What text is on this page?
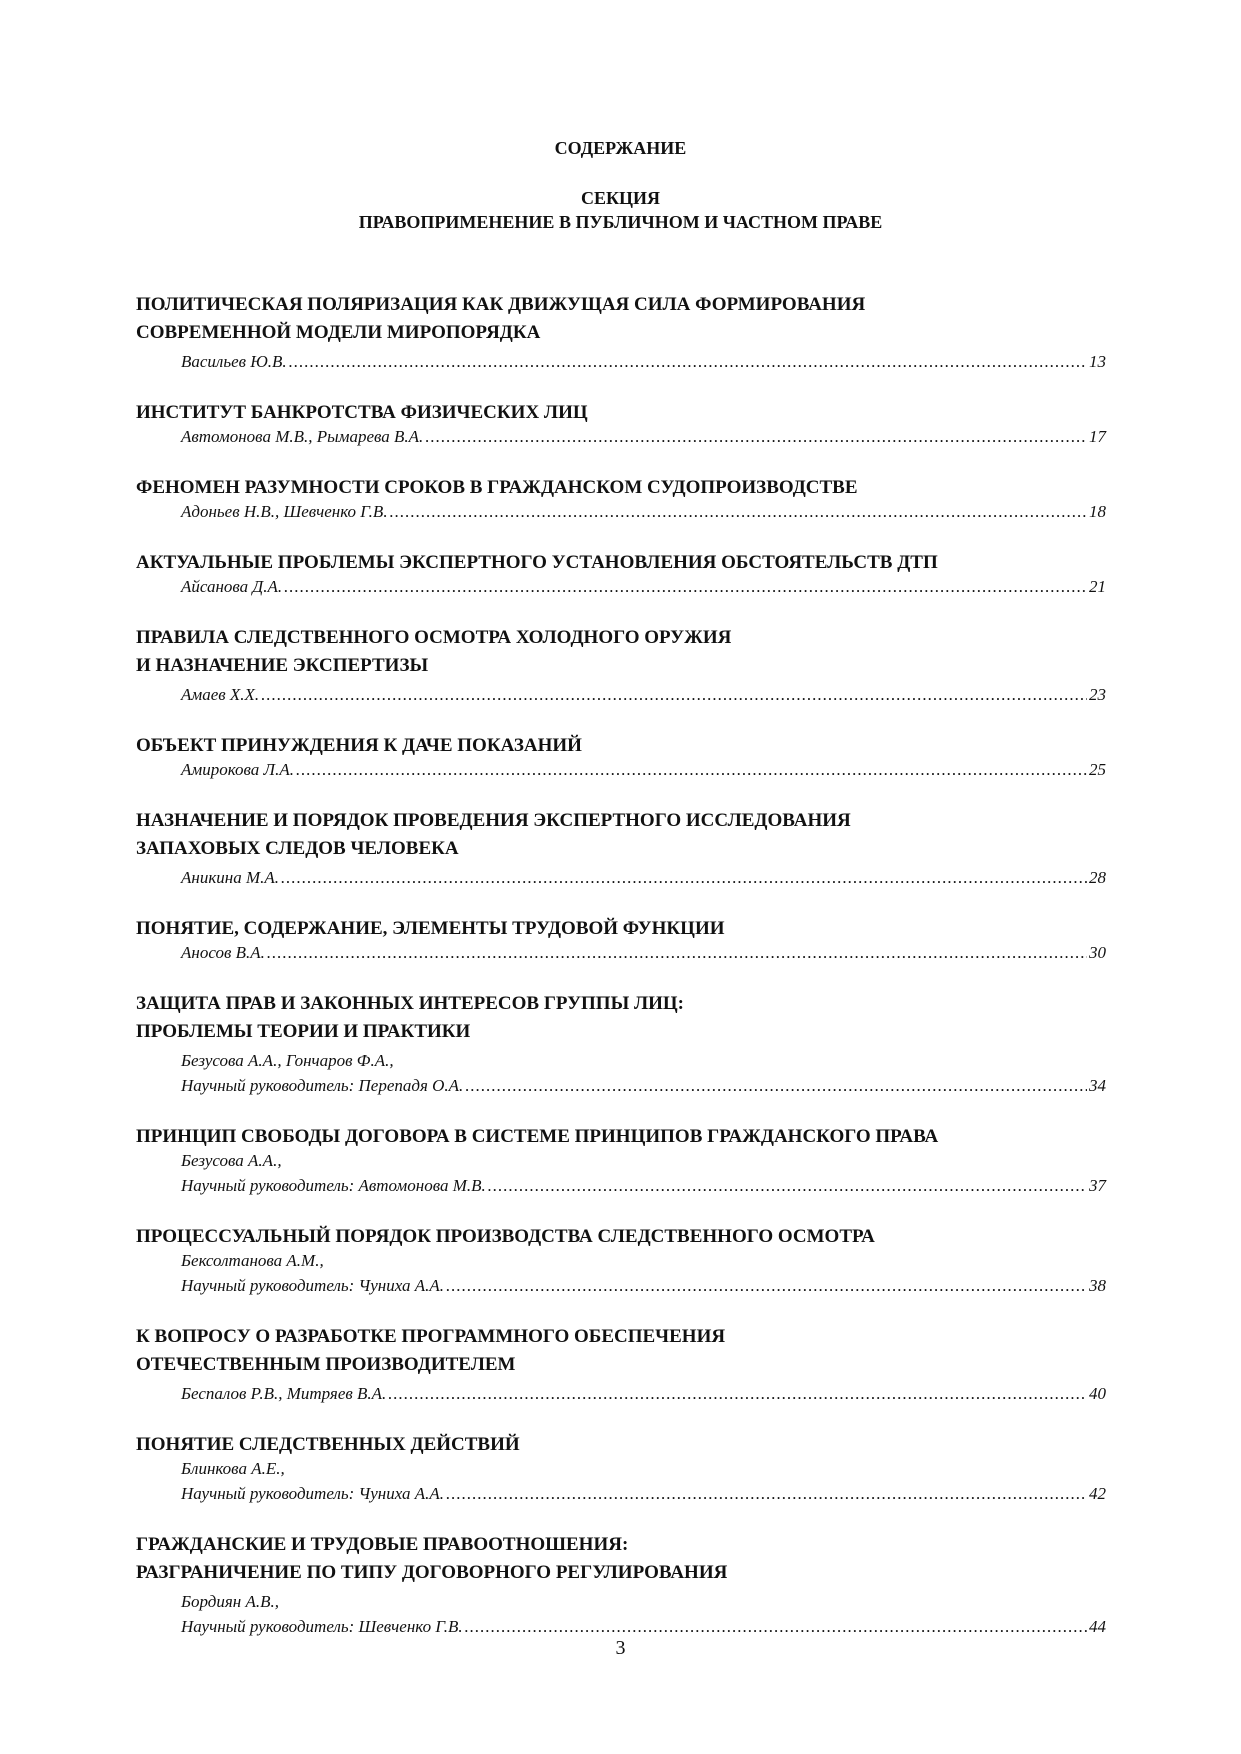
СОДЕРЖАНИЕ
СЕКЦИЯ
ПРАВОПРИМЕНЕНИЕ В ПУБЛИЧНОМ И ЧАСТНОМ ПРАВЕ
ПОЛИТИЧЕСКАЯ ПОЛЯРИЗАЦИЯ КАК ДВИЖУЩАЯ СИЛА ФОРМИРОВАНИЯ
СОВРЕМЕННОЙ МОДЕЛИ МИРОПОРЯДКА
Васильев Ю.В. .....	13
ИНСТИТУТ БАНКРОТСТВА ФИЗИЧЕСКИХ ЛИЦ
Автомонова М.В., Рымарева В.А. .....	17
ФЕНОМЕН РАЗУМНОСТИ СРОКОВ В ГРАЖДАНСКОМ СУДОПРОИЗВОДСТВЕ
Адоньев Н.В., Шевченко Г.В. .....	18
АКТУАЛЬНЫЕ ПРОБЛЕМЫ ЭКСПЕРТНОГО УСТАНОВЛЕНИЯ ОБСТОЯТЕЛЬСТВ ДТП
Айсанова Д.А. .....	21
ПРАВИЛА СЛЕДСТВЕННОГО ОСМОТРА ХОЛОДНОГО ОРУЖИЯ
И НАЗНАЧЕНИЕ ЭКСПЕРТИЗЫ
Амаев Х.Х. .....	23
ОБЪЕКТ ПРИНУЖДЕНИЯ К ДАЧЕ ПОКАЗАНИЙ
Амирокова Л.А. .....	25
НАЗНАЧЕНИЕ И ПОРЯДОК ПРОВЕДЕНИЯ ЭКСПЕРТНОГО ИССЛЕДОВАНИЯ
ЗАПАХОВЫХ СЛЕДОВ ЧЕЛОВЕКА
Аникина М.А. .....	28
ПОНЯТИЕ, СОДЕРЖАНИЕ, ЭЛЕМЕНТЫ ТРУДОВОЙ ФУНКЦИИ
Аносов В.А. .....	30
ЗАЩИТА ПРАВ И ЗАКОННЫХ ИНТЕРЕСОВ ГРУППЫ ЛИЦ:
ПРОБЛЕМЫ ТЕОРИИ И ПРАКТИКИ
Безусова А.А., Гончаров Ф.А.,
Научный руководитель: Перепадя О.А. .....	34
ПРИНЦИП СВОБОДЫ ДОГОВОРА В СИСТЕМЕ ПРИНЦИПОВ ГРАЖДАНСКОГО ПРАВА
Безусова А.А.,
Научный руководитель: Автомонова М.В. .....	37
ПРОЦЕССУАЛЬНЫЙ ПОРЯДОК ПРОИЗВОДСТВА СЛЕДСТВЕННОГО ОСМОТРА
Бексолтанова А.М.,
Научный руководитель: Чуниха А.А. .....	38
К ВОПРОСУ О РАЗРАБОТКЕ ПРОГРАММНОГО ОБЕСПЕЧЕНИЯ
ОТЕЧЕСТВЕННЫМ ПРОИЗВОДИТЕЛЕМ
Беспалов Р.В., Митряев В.А. .....	40
ПОНЯТИЕ СЛЕДСТВЕННЫХ ДЕЙСТВИЙ
Блинкова А.Е.,
Научный руководитель: Чуниха А.А. .....	42
ГРАЖДАНСКИЕ И ТРУДОВЫЕ ПРАВООТНОШЕНИЯ:
РАЗГРАНИЧЕНИЕ ПО ТИПУ ДОГОВОРНОГО РЕГУЛИРОВАНИЯ
Бордиян А.В.,
Научный руководитель: Шевченко Г.В. .....	44
3
